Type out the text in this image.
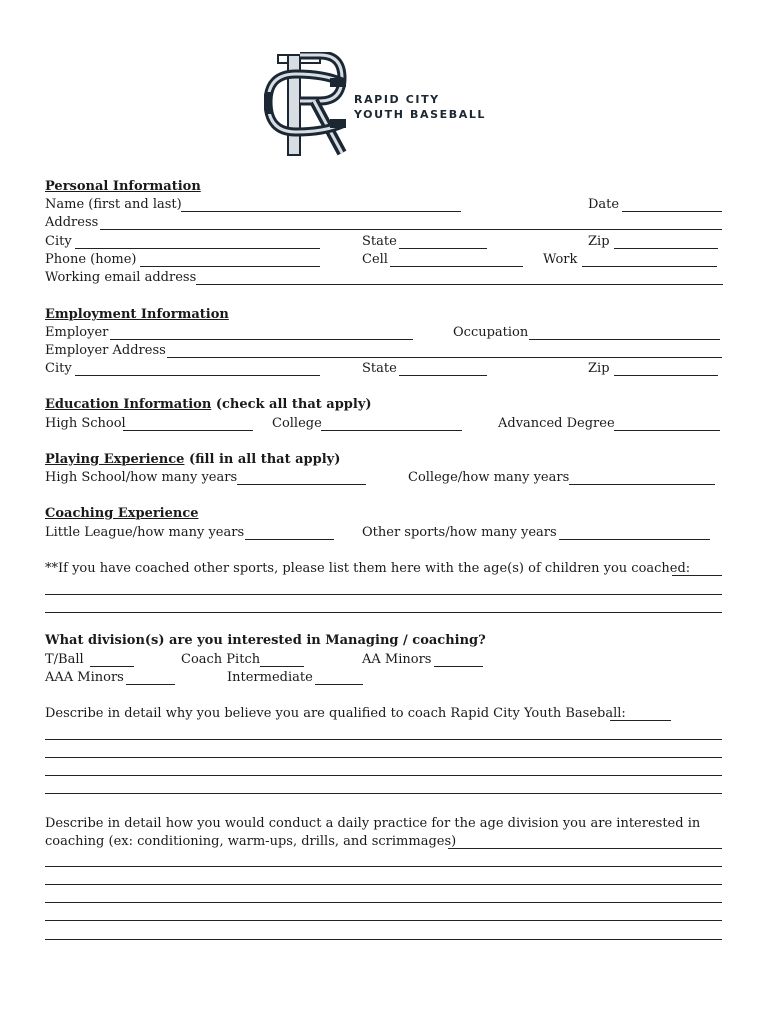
RAPID CITY
YOUTH BASEBALL
Personal Information
Name (first and last)	Date
Address
City	State	Zip
Phone (home)	Cell	Work
Working email address
Employment Information
Employer	Occupation
Employer Address
City	State	Zip
Education Information (check all that apply)
High School	College	Advanced Degree
Playing Experience (fill in all that apply)
High School/how many years	College/how many years
Coaching Experience
Little League/how many years	Other sports/how many years
**If you have coached other sports, please list them here with the age(s) of children you coached:
What division(s) are you interested in Managing / coaching?
T/Ball	Coach Pitch	AA Minors
AAA Minors	Intermediate
Describe in detail why you believe you are qualified to coach Rapid City Youth Baseball:
Describe in detail how you would conduct a daily practice for the age division you are interested in
coaching (ex: conditioning, warm-ups, drills, and scrimmages)
